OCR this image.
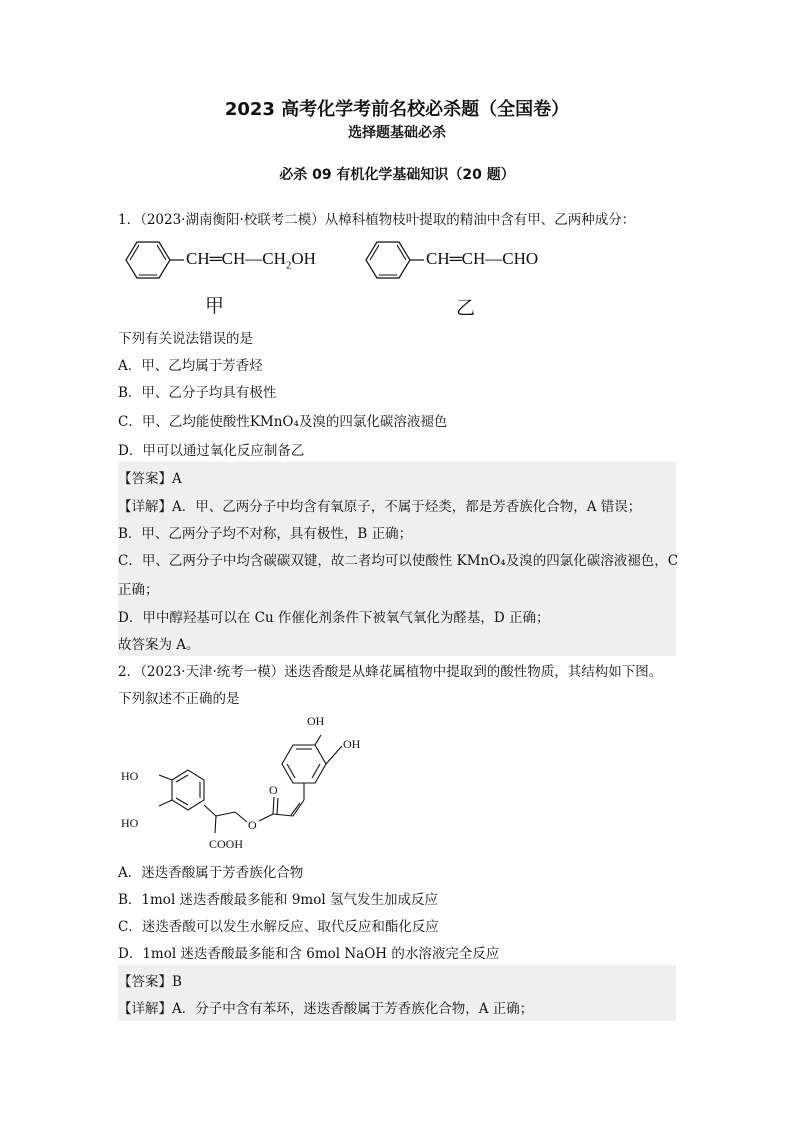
2023 高考化学考前名校必杀题（全国卷）
选择题基础必杀
必杀 09 有机化学基础知识（20 题）
1．（2023·湖南衡阳·校联考二模）从樟科植物枝叶提取的精油中含有甲、乙两种成分：
$CH═CH—CH_2OH$	CH═CH—CHO
甲	乙
下列有关说法错误的是
A．甲、乙均属于芳香烃
B．甲、乙分子均具有极性
C．甲、乙均能使酸性KMnO₄及溴的四氯化碳溶液褪色
D．甲可以通过氧化反应制备乙
【答案】A
【详解】A．甲、乙两分子中均含有氧原子，不属于烃类，都是芳香族化合物，A 错误；
B．甲、乙两分子均不对称，具有极性，B 正确；
C．甲、乙两分子中均含碳碳双键，故二者均可以使酸性 KMnO₄及溴的四氯化碳溶液褪色，C
正确；
D．甲中醇羟基可以在 Cu 作催化剂条件下被氧气氧化为醛基，D 正确；
故答案为 A。
2．（2023·天津·统考一模）迷迭香酸是从蜂花属植物中提取到的酸性物质，其结构如下图。
下列叙述不正确的是
OH
OH
HO
HO
O
O
COOH
A．迷迭香酸属于芳香族化合物
B．1mol 迷迭香酸最多能和 9mol 氢气发生加成反应
C．迷迭香酸可以发生水解反应、取代反应和酯化反应
D．1mol 迷迭香酸最多能和含 6mol NaOH 的水溶液完全反应
【答案】B
【详解】A．分子中含有苯环，迷迭香酸属于芳香族化合物，A 正确；
